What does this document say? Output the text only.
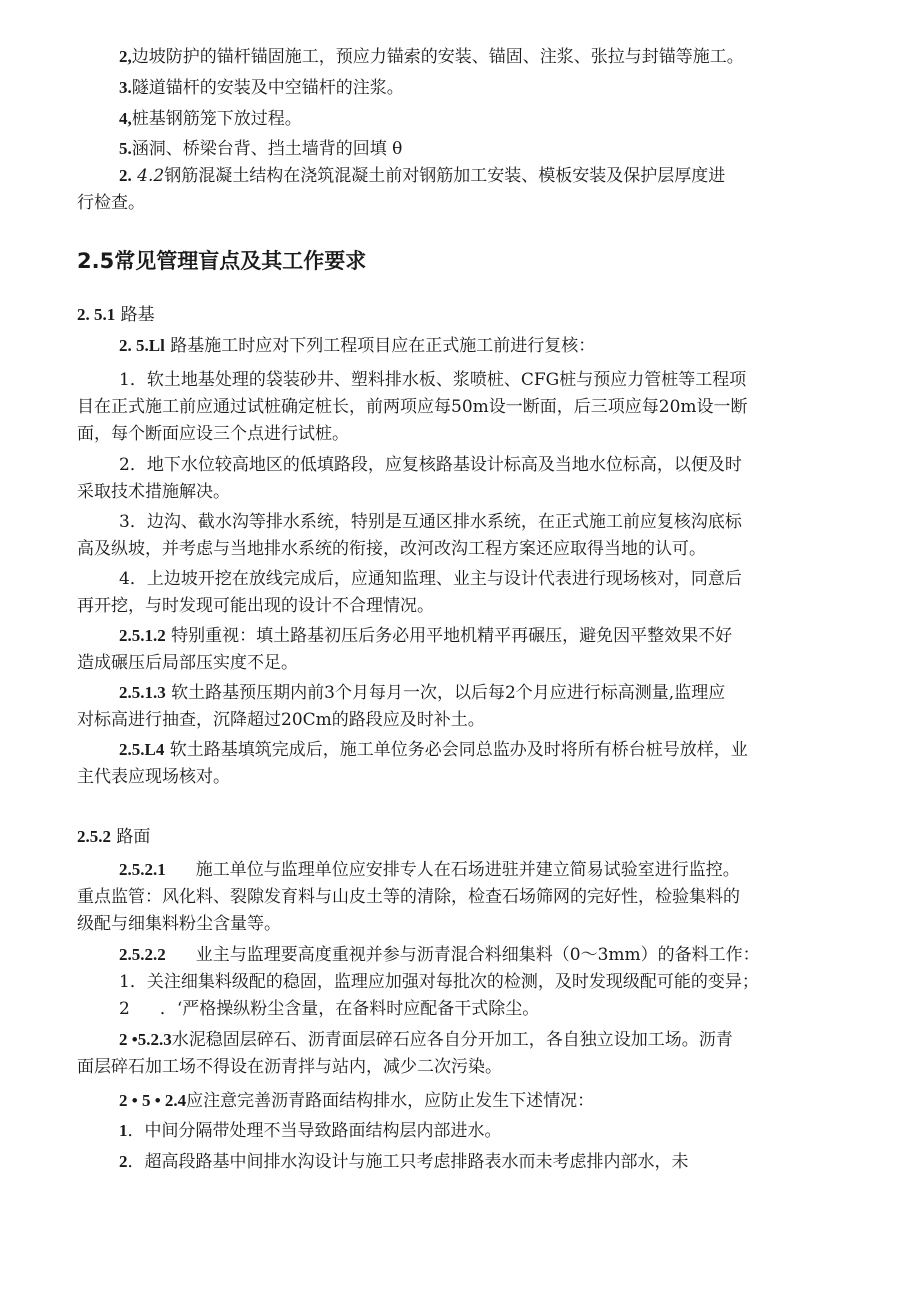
2,边坡防护的锚杆锚固施工，预应力锚索的安装、锚固、注浆、张拉与封锚等施工。
3.隧道锚杆的安装及中空锚杆的注浆。
4,桩基钢筋笼下放过程。
5.涵洞、桥梁台背、挡土墙背的回填 θ
2. 4.2钢筋混凝土结构在浇筑混凝土前对钢筋加工安装、模板安装及保护层厚度进
行检查。
2.5常见管理盲点及其工作要求
2. 5.1 路基
2. 5.Ll 路基施工时应对下列工程项目应在正式施工前进行复核：
1．软土地基处理的袋装砂井、塑料排水板、浆喷桩、CFG桩与预应力管桩等工程项
目在正式施工前应通过试桩确定桩长，前两项应每50m设一断面，后三项应每20m设一断
面，每个断面应设三个点进行试桩。
2．地下水位较高地区的低填路段，应复核路基设计标高及当地水位标高，以便及时
采取技术措施解决。
3．边沟、截水沟等排水系统，特别是互通区排水系统，在正式施工前应复核沟底标
高及纵坡，并考虑与当地排水系统的衔接，改河改沟工程方案还应取得当地的认可。
4．上边坡开挖在放线完成后，应通知监理、业主与设计代表进行现场核对，同意后
再开挖，与时发现可能出现的设计不合理情况。
2.5.1.2 特别重视：填土路基初压后务必用平地机精平再碾压，避免因平整效果不好
造成碾压后局部压实度不足。
2.5.1.3 软土路基预压期内前3个月每月一次，以后每2个月应进行标高测量,监理应
对标高进行抽查，沉降超过20Cm的路段应及时补土。
2.5.L4 软土路基填筑完成后，施工单位务必会同总监办及时将所有桥台桩号放样，业
主代表应现场核对。
2.5.2 路面
2.5.2.1 施工单位与监理单位应安排专人在石场进驻并建立简易试验室进行监控。
重点监管：风化料、裂隙发育料与山皮土等的清除，检查石场筛网的完好性，检验集料的
级配与细集料粉尘含量等。
2.5.2.2 业主与监理要高度重视并参与沥青混合料细集料（0～3mm）的备料工作：
1．关注细集料级配的稳固，监理应加强对每批次的检测，及时发现级配可能的变异；
2 ．‘严格操纵粉尘含量，在备料时应配备干式除尘。
2 •5.2.3水泥稳固层碎石、沥青面层碎石应各自分开加工，各自独立设加工场。沥青
面层碎石加工场不得设在沥青拌与站内，减少二次污染。
2 • 5 • 2.4应注意完善沥青路面结构排水，应防止发生下述情况：
1．中间分隔带处理不当导致路面结构层内部进水。
2．超高段路基中间排水沟设计与施工只考虑排路表水而未考虑排内部水，未
